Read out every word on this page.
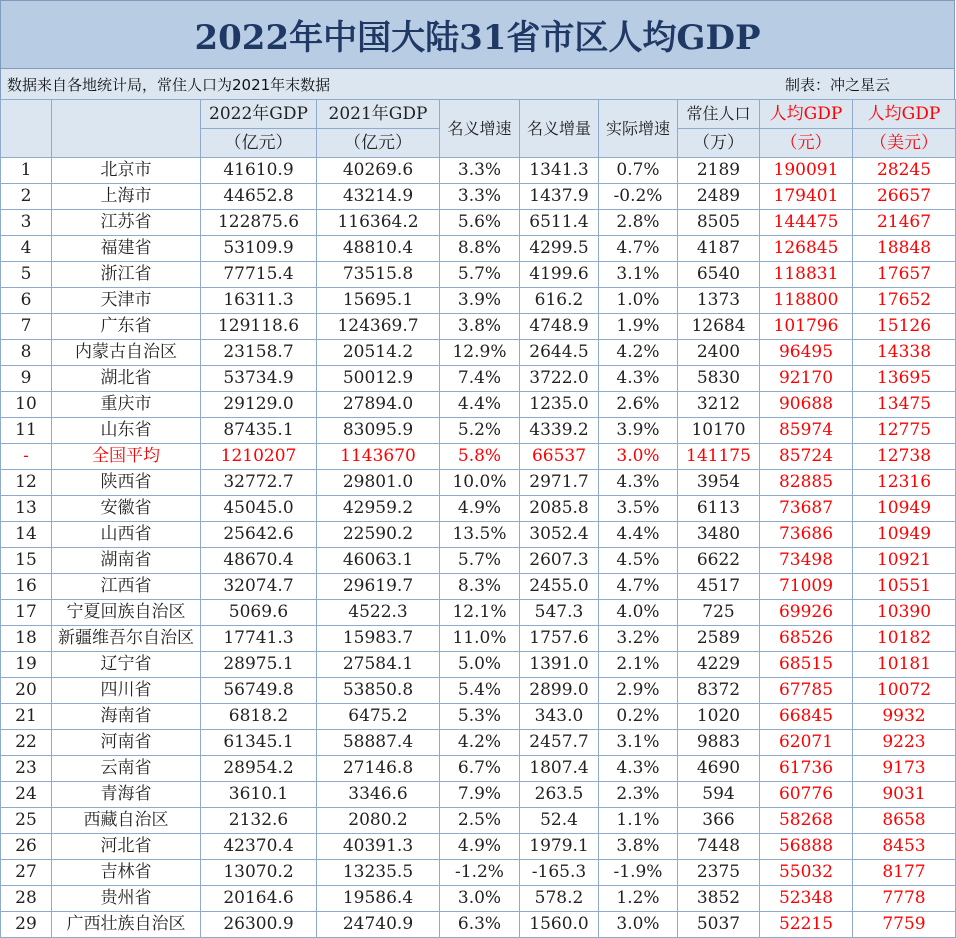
2022年中国大陆31省市区人均GDP
数据来自各地统计局，常住人口为2021年末数据	制表：冲之星云
		2022年GDP	2021年GDP	名义增速	名义增量	实际增速	常住人口	人均GDP	人均GDP
		（亿元）	（亿元）				（万）	（元）	（美元）
1	北京市	41610.9	40269.6	3.3%	1341.3	0.7%	2189	190091	28245
2	上海市	44652.8	43214.9	3.3%	1437.9	-0.2%	2489	179401	26657
3	江苏省	122875.6	116364.2	5.6%	6511.4	2.8%	8505	144475	21467
4	福建省	53109.9	48810.4	8.8%	4299.5	4.7%	4187	126845	18848
5	浙江省	77715.4	73515.8	5.7%	4199.6	3.1%	6540	118831	17657
6	天津市	16311.3	15695.1	3.9%	616.2	1.0%	1373	118800	17652
7	广东省	129118.6	124369.7	3.8%	4748.9	1.9%	12684	101796	15126
8	内蒙古自治区	23158.7	20514.2	12.9%	2644.5	4.2%	2400	96495	14338
9	湖北省	53734.9	50012.9	7.4%	3722.0	4.3%	5830	92170	13695
10	重庆市	29129.0	27894.0	4.4%	1235.0	2.6%	3212	90688	13475
11	山东省	87435.1	83095.9	5.2%	4339.2	3.9%	10170	85974	12775
-	全国平均	1210207	1143670	5.8%	66537	3.0%	141175	85724	12738
12	陕西省	32772.7	29801.0	10.0%	2971.7	4.3%	3954	82885	12316
13	安徽省	45045.0	42959.2	4.9%	2085.8	3.5%	6113	73687	10949
14	山西省	25642.6	22590.2	13.5%	3052.4	4.4%	3480	73686	10949
15	湖南省	48670.4	46063.1	5.7%	2607.3	4.5%	6622	73498	10921
16	江西省	32074.7	29619.7	8.3%	2455.0	4.7%	4517	71009	10551
17	宁夏回族自治区	5069.6	4522.3	12.1%	547.3	4.0%	725	69926	10390
18	新疆维吾尔自治区	17741.3	15983.7	11.0%	1757.6	3.2%	2589	68526	10182
19	辽宁省	28975.1	27584.1	5.0%	1391.0	2.1%	4229	68515	10181
20	四川省	56749.8	53850.8	5.4%	2899.0	2.9%	8372	67785	10072
21	海南省	6818.2	6475.2	5.3%	343.0	0.2%	1020	66845	9932
22	河南省	61345.1	58887.4	4.2%	2457.7	3.1%	9883	62071	9223
23	云南省	28954.2	27146.8	6.7%	1807.4	4.3%	4690	61736	9173
24	青海省	3610.1	3346.6	7.9%	263.5	2.3%	594	60776	9031
25	西藏自治区	2132.6	2080.2	2.5%	52.4	1.1%	366	58268	8658
26	河北省	42370.4	40391.3	4.9%	1979.1	3.8%	7448	56888	8453
27	吉林省	13070.2	13235.5	-1.2%	-165.3	-1.9%	2375	55032	8177
28	贵州省	20164.6	19586.4	3.0%	578.2	1.2%	3852	52348	7778
29	广西壮族自治区	26300.9	24740.9	6.3%	1560.0	3.0%	5037	52215	7759
